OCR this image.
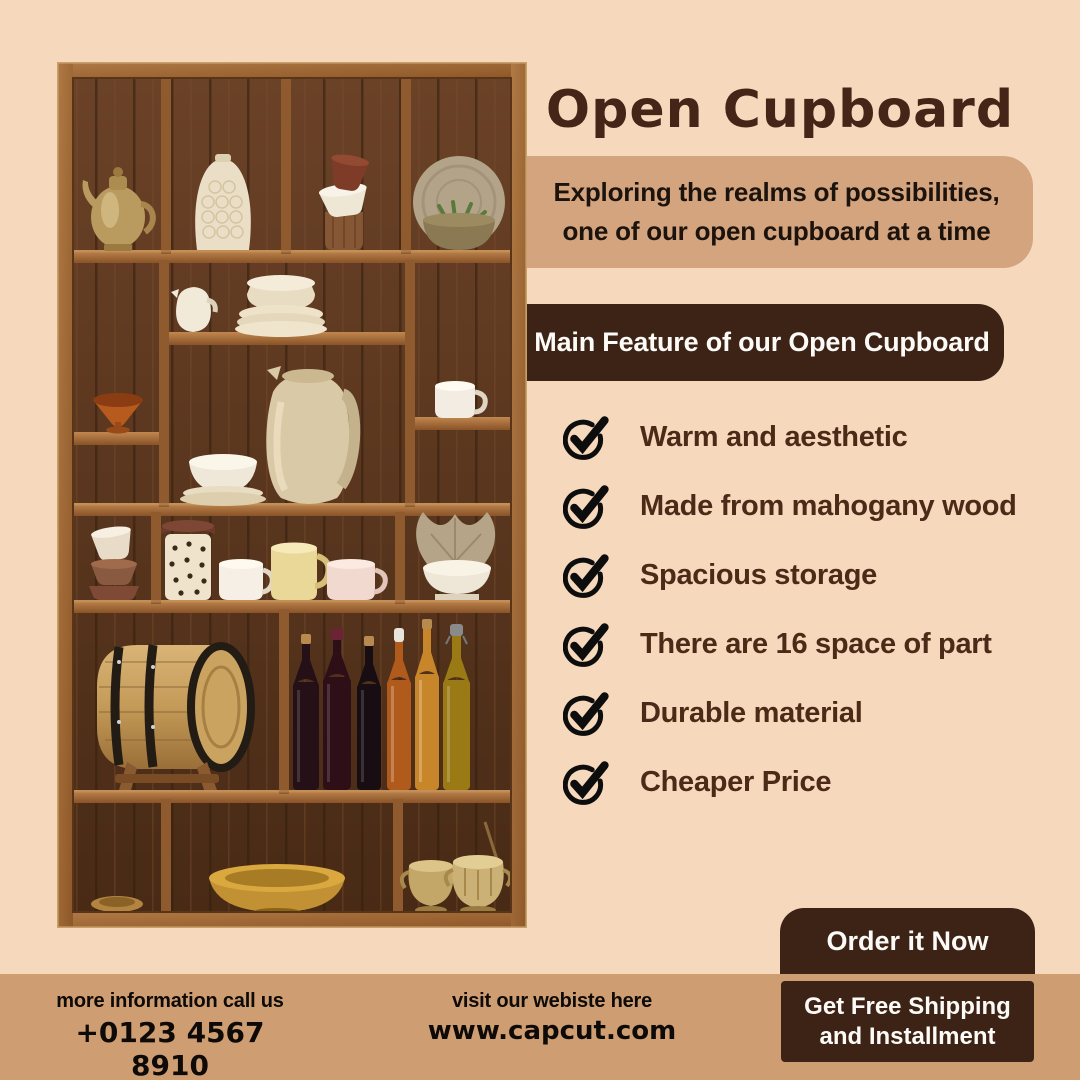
Open Cupboard
Exploring the realms of possibilities,
one of our open cupboard at a time
Main Feature of our Open Cupboard
Warm and aesthetic
Made from mahogany wood
Spacious storage
There are 16 space of part
Durable material
Cheaper Price
Order it Now
more information call us
+0123 4567 8910
visit our webiste here
www.capcut.com
Get Free Shipping
and Installment
